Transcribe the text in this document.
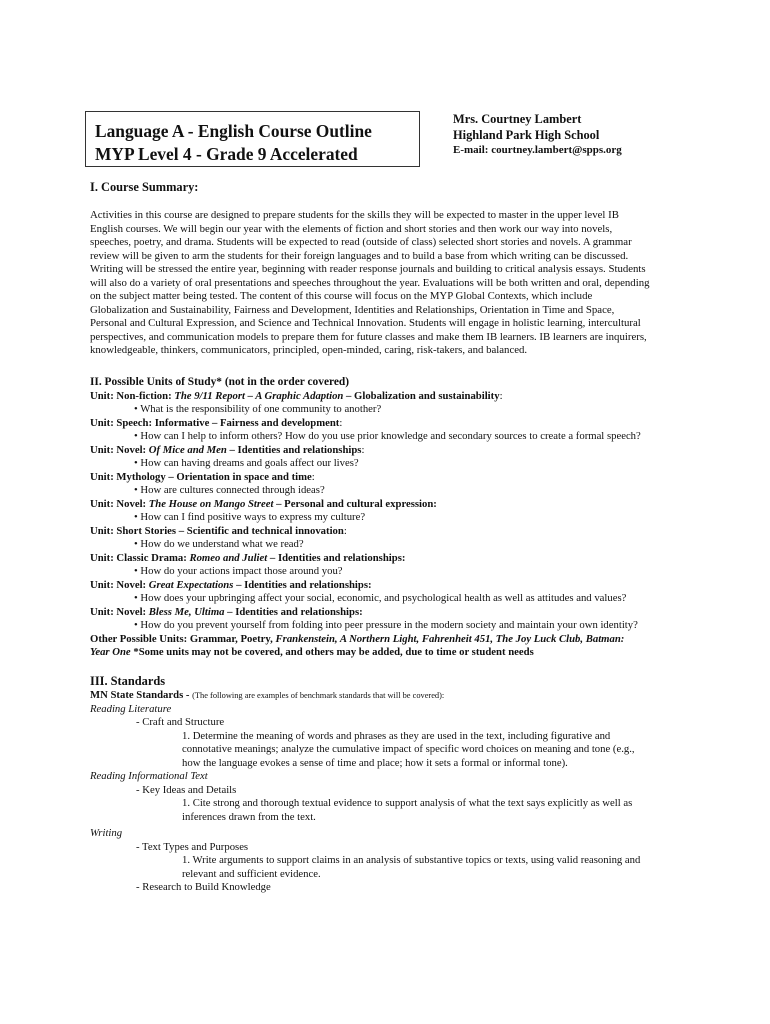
Language A - English Course Outline
MYP Level 4 - Grade 9 Accelerated
Mrs. Courtney Lambert
Highland Park High School
E-mail: courtney.lambert@spps.org
I. Course Summary:
Activities in this course are designed to prepare students for the skills they will be expected to master in the upper level IB
English courses. We will begin our year with the elements of fiction and short stories and then work our way into novels,
speeches, poetry, and drama. Students will be expected to read (outside of class) selected short stories and novels. A grammar
review will be given to arm the students for their foreign languages and to build a base from which writing can be discussed.
Writing will be stressed the entire year, beginning with reader response journals and building to critical analysis essays. Students
will also do a variety of oral presentations and speeches throughout the year. Evaluations will be both written and oral, depending
on the subject matter being tested. The content of this course will focus on the MYP Global Contexts, which include
Globalization and Sustainability, Fairness and Development, Identities and Relationships, Orientation in Time and Space,
Personal and Cultural Expression, and Science and Technical Innovation. Students will engage in holistic learning, intercultural
perspectives, and communication models to prepare them for future classes and make them IB learners. IB learners are inquirers,
knowledgeable, thinkers, communicators, principled, open-minded, caring, risk-takers, and balanced.
II. Possible Units of Study* (not in the order covered)
Unit: Non-fiction: The 9/11 Report – A Graphic Adaption – Globalization and sustainability:
• What is the responsibility of one community to another?
Unit: Speech: Informative – Fairness and development:
• How can I help to inform others? How do you use prior knowledge and secondary sources to create a formal speech?
Unit: Novel: Of Mice and Men – Identities and relationships:
• How can having dreams and goals affect our lives?
Unit: Mythology – Orientation in space and time:
• How are cultures connected through ideas?
Unit: Novel: The House on Mango Street – Personal and cultural expression:
• How can I find positive ways to express my culture?
Unit: Short Stories – Scientific and technical innovation:
• How do we understand what we read?
Unit: Classic Drama: Romeo and Juliet – Identities and relationships:
• How do your actions impact those around you?
Unit: Novel: Great Expectations – Identities and relationships:
• How does your upbringing affect your social, economic, and psychological health as well as attitudes and values?
Unit: Novel: Bless Me, Ultima – Identities and relationships:
• How do you prevent yourself from folding into peer pressure in the modern society and maintain your own identity?
Other Possible Units: Grammar, Poetry, Frankenstein, A Northern Light, Fahrenheit 451, The Joy Luck Club, Batman:
Year One *Some units may not be covered, and others may be added, due to time or student needs
III. Standards
MN State Standards - (The following are examples of benchmark standards that will be covered):
Reading Literature
- Craft and Structure
1. Determine the meaning of words and phrases as they are used in the text, including figurative and
connotative meanings; analyze the cumulative impact of specific word choices on meaning and tone (e.g.,
how the language evokes a sense of time and place; how it sets a formal or informal tone).
Reading Informational Text
- Key Ideas and Details
1. Cite strong and thorough textual evidence to support analysis of what the text says explicitly as well as
inferences drawn from the text.
Writing
- Text Types and Purposes
1. Write arguments to support claims in an analysis of substantive topics or texts, using valid reasoning and
relevant and sufficient evidence.
- Research to Build Knowledge
